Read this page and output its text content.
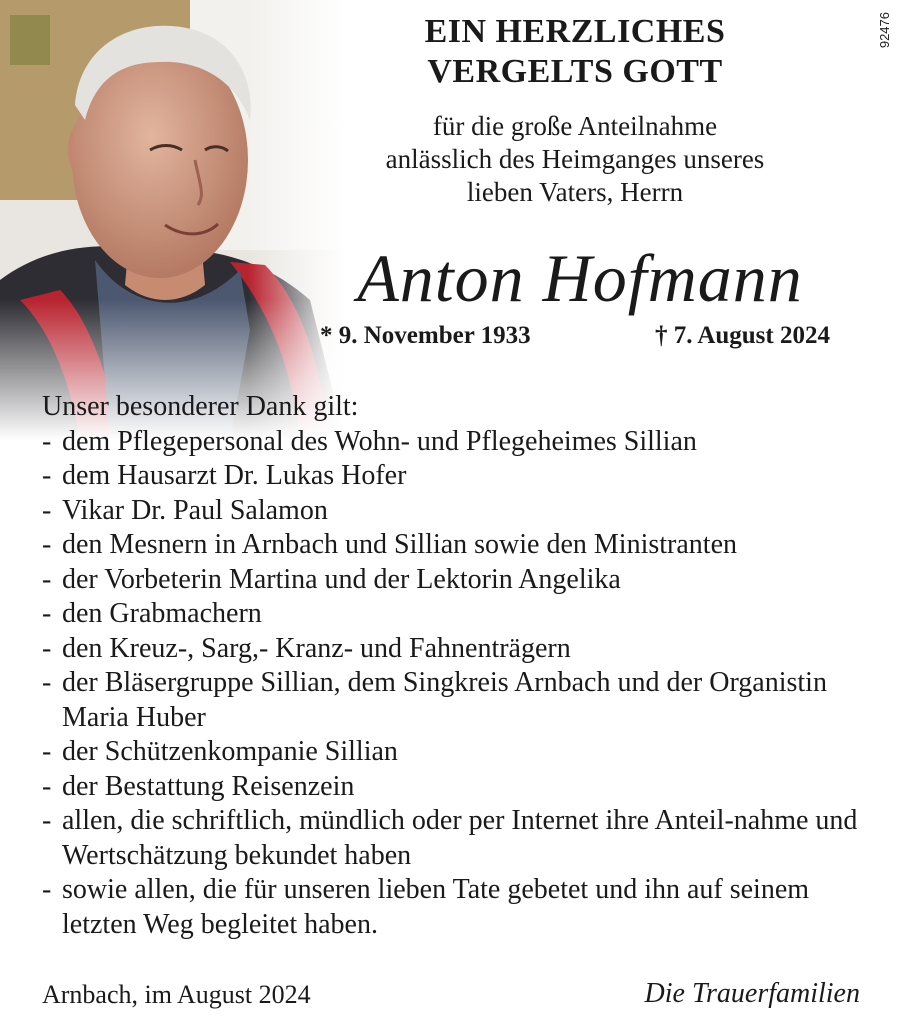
92476
EIN HERZLICHES
VERGELTS GOTT
für die große Anteilnahme
anlässlich des Heimganges unseres
lieben Vaters, Herrn
Anton Hofmann
* 9. November 1933	† 7. August 2024

Unser besonderer Dank gilt:

- dem Pflegepersonal des Wohn- und Pflegeheimes Sillian
- dem Hausarzt Dr. Lukas Hofer
- Vikar Dr. Paul Salamon
- den Mesnern in Arnbach und Sillian sowie den Ministranten
- der Vorbeterin Martina und der Lektorin Angelika
- den Grabmachern
- den Kreuz-, Sarg,- Kranz- und Fahnenträgern
- der Bläsergruppe Sillian, dem Singkreis Arnbach und der Organistin Maria Huber
- der Schützenkompanie Sillian
- der Bestattung Reisenzein
- allen, die schriftlich, mündlich oder per Internet ihre Anteil-nahme und Wertschätzung bekundet haben
- sowie allen, die für unseren lieben Tate gebetet und ihn auf seinem letzten Weg begleitet haben.
Arnbach, im August 2024	Die Trauerfamilien
